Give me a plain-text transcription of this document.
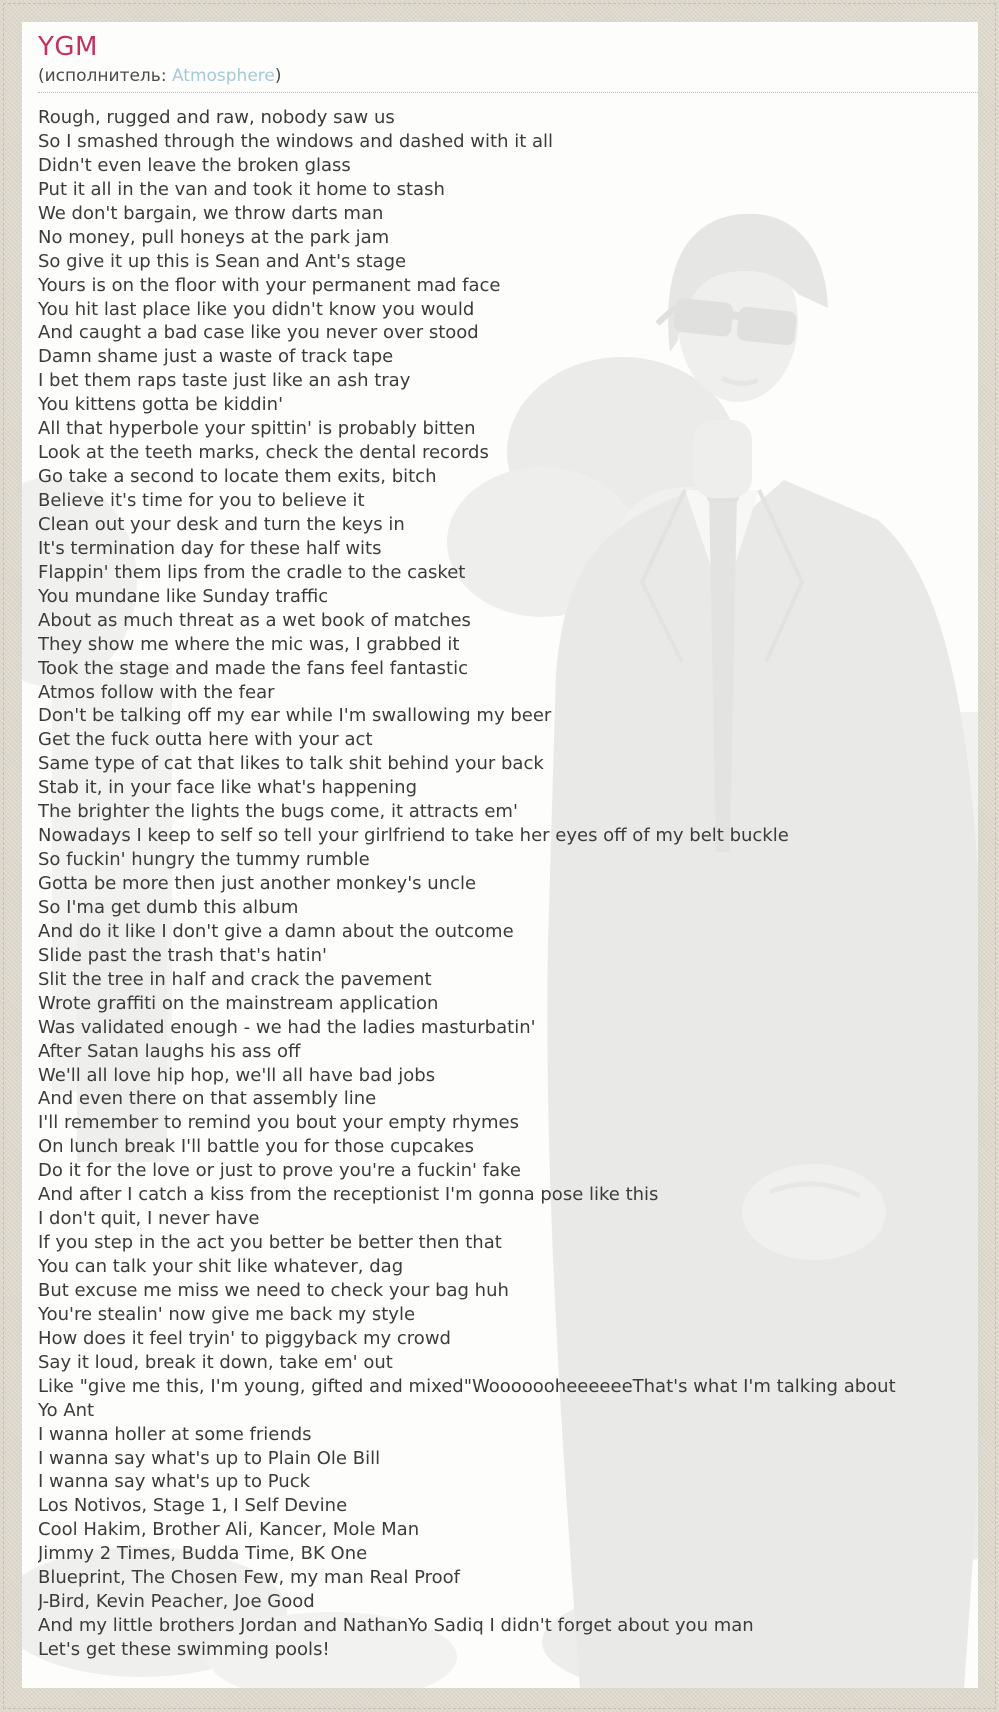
YGM
(исполнитель: Atmosphere)
Rough, rugged and raw, nobody saw us
So I smashed through the windows and dashed with it all
Didn't even leave the broken glass
Put it all in the van and took it home to stash
We don't bargain, we throw darts man
No money, pull honeys at the park jam
So give it up this is Sean and Ant's stage
Yours is on the floor with your permanent mad face
You hit last place like you didn't know you would
And caught a bad case like you never over stood
Damn shame just a waste of track tape
I bet them raps taste just like an ash tray
You kittens gotta be kiddin'
All that hyperbole your spittin' is probably bitten
Look at the teeth marks, check the dental records
Go take a second to locate them exits, bitch
Believe it's time for you to believe it
Clean out your desk and turn the keys in
It's termination day for these half wits
Flappin' them lips from the cradle to the casket
You mundane like Sunday traffic
About as much threat as a wet book of matches
They show me where the mic was, I grabbed it
Took the stage and made the fans feel fantastic
Atmos follow with the fear
Don't be talking off my ear while I'm swallowing my beer
Get the fuck outta here with your act
Same type of cat that likes to talk shit behind your back
Stab it, in your face like what's happening
The brighter the lights the bugs come, it attracts em'
Nowadays I keep to self so tell your girlfriend to take her eyes off of my belt buckle
So fuckin' hungry the tummy rumble
Gotta be more then just another monkey's uncle
So I'ma get dumb this album
And do it like I don't give a damn about the outcome
Slide past the trash that's hatin'
Slit the tree in half and crack the pavement
Wrote graffiti on the mainstream application
Was validated enough - we had the ladies masturbatin'
After Satan laughs his ass off
We'll all love hip hop, we'll all have bad jobs
And even there on that assembly line
I'll remember to remind you bout your empty rhymes
On lunch break I'll battle you for those cupcakes
Do it for the love or just to prove you're a fuckin' fake
And after I catch a kiss from the receptionist I'm gonna pose like this
I don't quit, I never have
If you step in the act you better be better then that
You can talk your shit like whatever, dag
But excuse me miss we need to check your bag huh
You're stealin' now give me back my style
How does it feel tryin' to piggyback my crowd
Say it loud, break it down, take em' out
Like "give me this, I'm young, gifted and mixed"WooooooheeeeeeThat's what I'm talking about
Yo Ant
I wanna holler at some friends
I wanna say what's up to Plain Ole Bill
I wanna say what's up to Puck
Los Notivos, Stage 1, I Self Devine
Cool Hakim, Brother Ali, Kancer, Mole Man
Jimmy 2 Times, Budda Time, BK One
Blueprint, The Chosen Few, my man Real Proof
J-Bird, Kevin Peacher, Joe Good
And my little brothers Jordan and NathanYo Sadiq I didn't forget about you man
Let's get these swimming pools!
